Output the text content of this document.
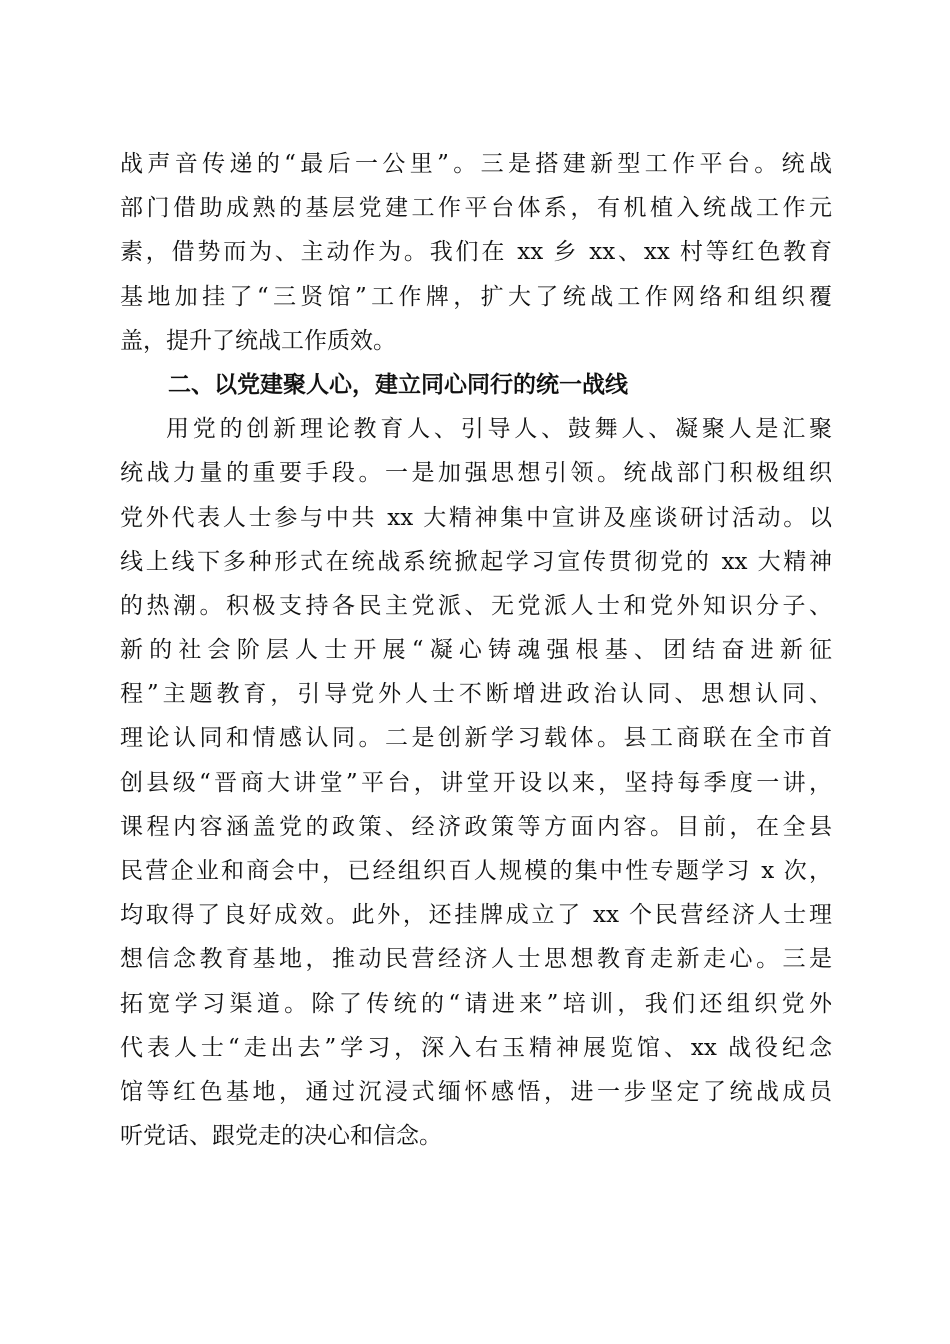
战声音传递的“最后一公里”。三是搭建新型工作平台。统战
部门借助成熟的基层党建工作平台体系，有机植入统战工作元
素，借势而为、主动作为。我们在 xx 乡 xx、xx 村等红色教育
基地加挂了“三贤馆”工作牌，扩大了统战工作网络和组织覆
盖，提升了统战工作质效。
二、以党建聚人心，建立同心同行的统一战线
用党的创新理论教育人、引导人、鼓舞人、凝聚人是汇聚
统战力量的重要手段。一是加强思想引领。统战部门积极组织
党外代表人士参与中共 xx 大精神集中宣讲及座谈研讨活动。以
线上线下多种形式在统战系统掀起学习宣传贯彻党的 xx 大精神
的热潮。积极支持各民主党派、无党派人士和党外知识分子、
新的社会阶层人士开展“凝心铸魂强根基、团结奋进新征
程”主题教育，引导党外人士不断增进政治认同、思想认同、
理论认同和情感认同。二是创新学习载体。县工商联在全市首
创县级“晋商大讲堂”平台，讲堂开设以来，坚持每季度一讲，
课程内容涵盖党的政策、经济政策等方面内容。目前，在全县
民营企业和商会中，已经组织百人规模的集中性专题学习 x 次，
均取得了良好成效。此外，还挂牌成立了 xx 个民营经济人士理
想信念教育基地，推动民营经济人士思想教育走新走心。三是
拓宽学习渠道。除了传统的“请进来”培训，我们还组织党外
代表人士“走出去”学习，深入右玉精神展览馆、xx 战役纪念
馆等红色基地，通过沉浸式缅怀感悟，进一步坚定了统战成员
听党话、跟党走的决心和信念。
